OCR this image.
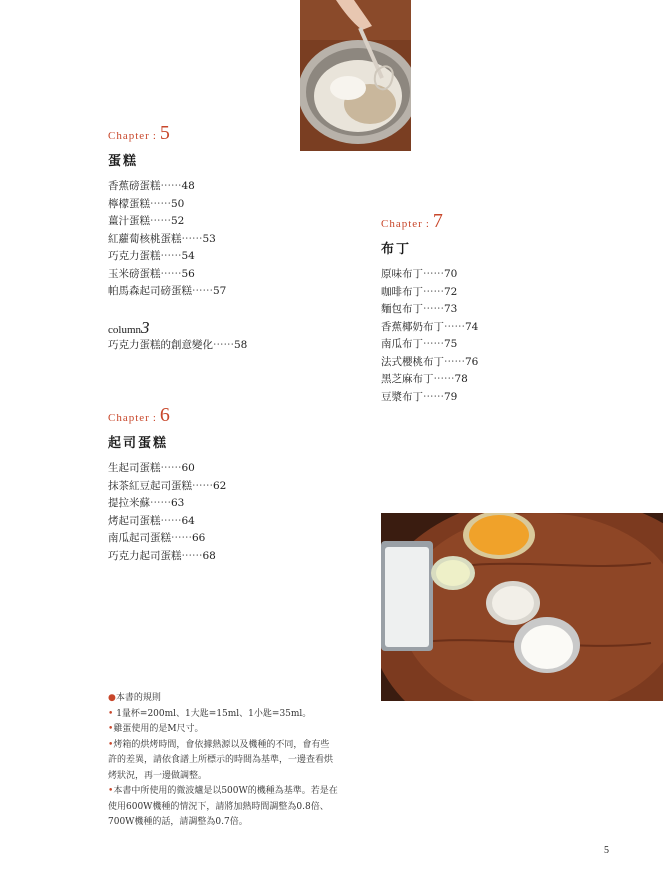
Chapter : 5
蛋糕
香蕉磅蛋糕⋯⋯48
檸檬蛋糕⋯⋯50
薑汁蛋糕⋯⋯52
紅蘿蔔核桃蛋糕⋯⋯53
巧克力蛋糕⋯⋯54
玉米磅蛋糕⋯⋯56
帕馬森起司磅蛋糕⋯⋯57
column3
巧克力蛋糕的創意變化⋯⋯58
Chapter : 6
起司蛋糕
生起司蛋糕⋯⋯60
抹茶紅豆起司蛋糕⋯⋯62
提拉米蘇⋯⋯63
烤起司蛋糕⋯⋯64
南瓜起司蛋糕⋯⋯66
巧克力起司蛋糕⋯⋯68
Chapter : 7
布丁
原味布丁⋯⋯70
咖啡布丁⋯⋯72
麵包布丁⋯⋯73
香蕉椰奶布丁⋯⋯74
南瓜布丁⋯⋯75
法式櫻桃布丁⋯⋯76
黑芝麻布丁⋯⋯78
豆漿布丁⋯⋯79
●本書的規則
• 1量杯=200ml、1大匙=15ml、1小匙=35ml。
•雞蛋使用的是M尺寸。
•烤箱的烘烤時間，會依據熱源以及機種的不同，會有些許的差異，請依食譜上所標示的時間為基準，一邊查看烘烤狀況，再一邊做調整。
•本書中所使用的微波爐是以500W的機種為基準。若是在使用600W機種的情況下，請將加熱時間調整為0.8倍、700W機種的話，請調整為0.7倍。
5
